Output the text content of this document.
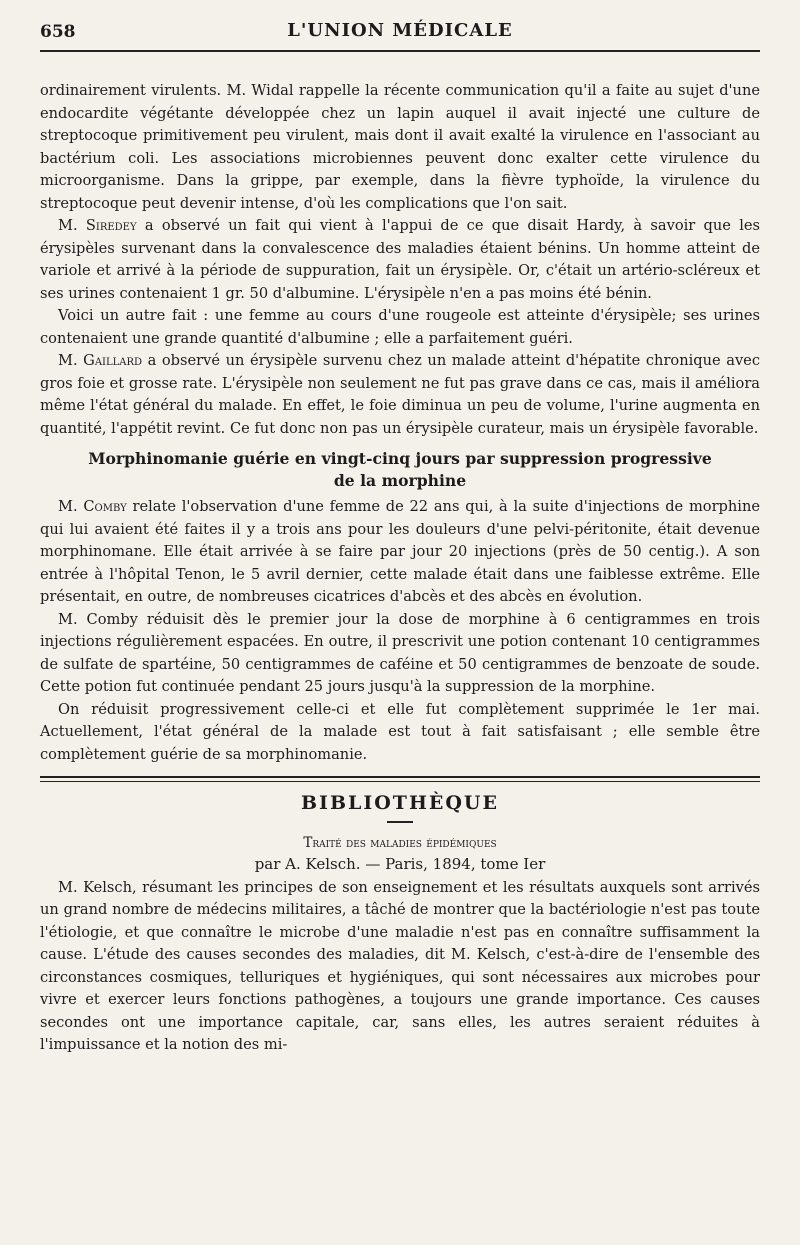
658	L'UNION MÉDICALE

ordinairement virulents. M. Widal rappelle la récente communication qu'il a faite au sujet d'une endocardite végétante développée chez un lapin auquel il avait injecté une culture de streptocoque primitivement peu virulent, mais dont il avait exalté la virulence en l'associant au bactérium coli. Les associations microbiennes peuvent donc exalter cette virulence du microorganisme. Dans la grippe, par exemple, dans la fièvre typhoïde, la virulence du streptocoque peut devenir intense, d'où les complications que l'on sait.

M. Siredey a observé un fait qui vient à l'appui de ce que disait Hardy, à savoir que les érysipèles survenant dans la convalescence des maladies étaient bénins. Un homme atteint de variole et arrivé à la période de suppuration, fait un érysipèle. Or, c'était un artério-scléreux et ses urines contenaient 1 gr. 50 d'albumine. L'érysipèle n'en a pas moins été bénin.

Voici un autre fait : une femme au cours d'une rougeole est atteinte d'érysipèle; ses urines contenaient une grande quantité d'albumine ; elle a parfaitement guéri.

M. Gaillard a observé un érysipèle survenu chez un malade atteint d'hépatite chronique avec gros foie et grosse rate. L'érysipèle non seulement ne fut pas grave dans ce cas, mais il améliora même l'état général du malade. En effet, le foie diminua un peu de volume, l'urine augmenta en quantité, l'appétit revint. Ce fut donc non pas un érysipèle curateur, mais un érysipèle favorable.

Morphinomanie guérie en vingt-cinq jours par suppression progressive de la morphine

M. Comby relate l'observation d'une femme de 22 ans qui, à la suite d'injections de morphine qui lui avaient été faites il y a trois ans pour les douleurs d'une pelvi-péritonite, était devenue morphinomane. Elle était arrivée à se faire par jour 20 injections (près de 50 centig.). A son entrée à l'hôpital Tenon, le 5 avril dernier, cette malade était dans une faiblesse extrême. Elle présentait, en outre, de nombreuses cicatrices d'abcès et des abcès en évolution.

M. Comby réduisit dès le premier jour la dose de morphine à 6 centigrammes en trois injections régulièrement espacées. En outre, il prescrivit une potion contenant 10 centigrammes de sulfate de spartéine, 50 centigrammes de caféine et 50 centigrammes de benzoate de soude. Cette potion fut continuée pendant 25 jours jusqu'à la suppression de la morphine.

On réduisit progressivement celle-ci et elle fut complètement supprimée le 1er mai. Actuellement, l'état général de la malade est tout à fait satisfaisant ; elle semble être complètement guérie de sa morphinomanie.

BIBLIOTHÈQUE
Traité des maladies épidémiques
par A. Kelsch. — Paris, 1894, tome Ier

M. Kelsch, résumant les principes de son enseignement et les résultats auxquels sont arrivés un grand nombre de médecins militaires, a tâché de montrer que la bactériologie n'est pas toute l'étiologie, et que connaître le microbe d'une maladie n'est pas en connaître suffisamment la cause. L'étude des causes secondes des maladies, dit M. Kelsch, c'est-à-dire de l'ensemble des circonstances cosmiques, telluriques et hygiéniques, qui sont nécessaires aux microbes pour vivre et exercer leurs fonctions pathogènes, a toujours une grande importance. Ces causes secondes ont une importance capitale, car, sans elles, les autres seraient réduites à l'impuissance et la notion des mi-
